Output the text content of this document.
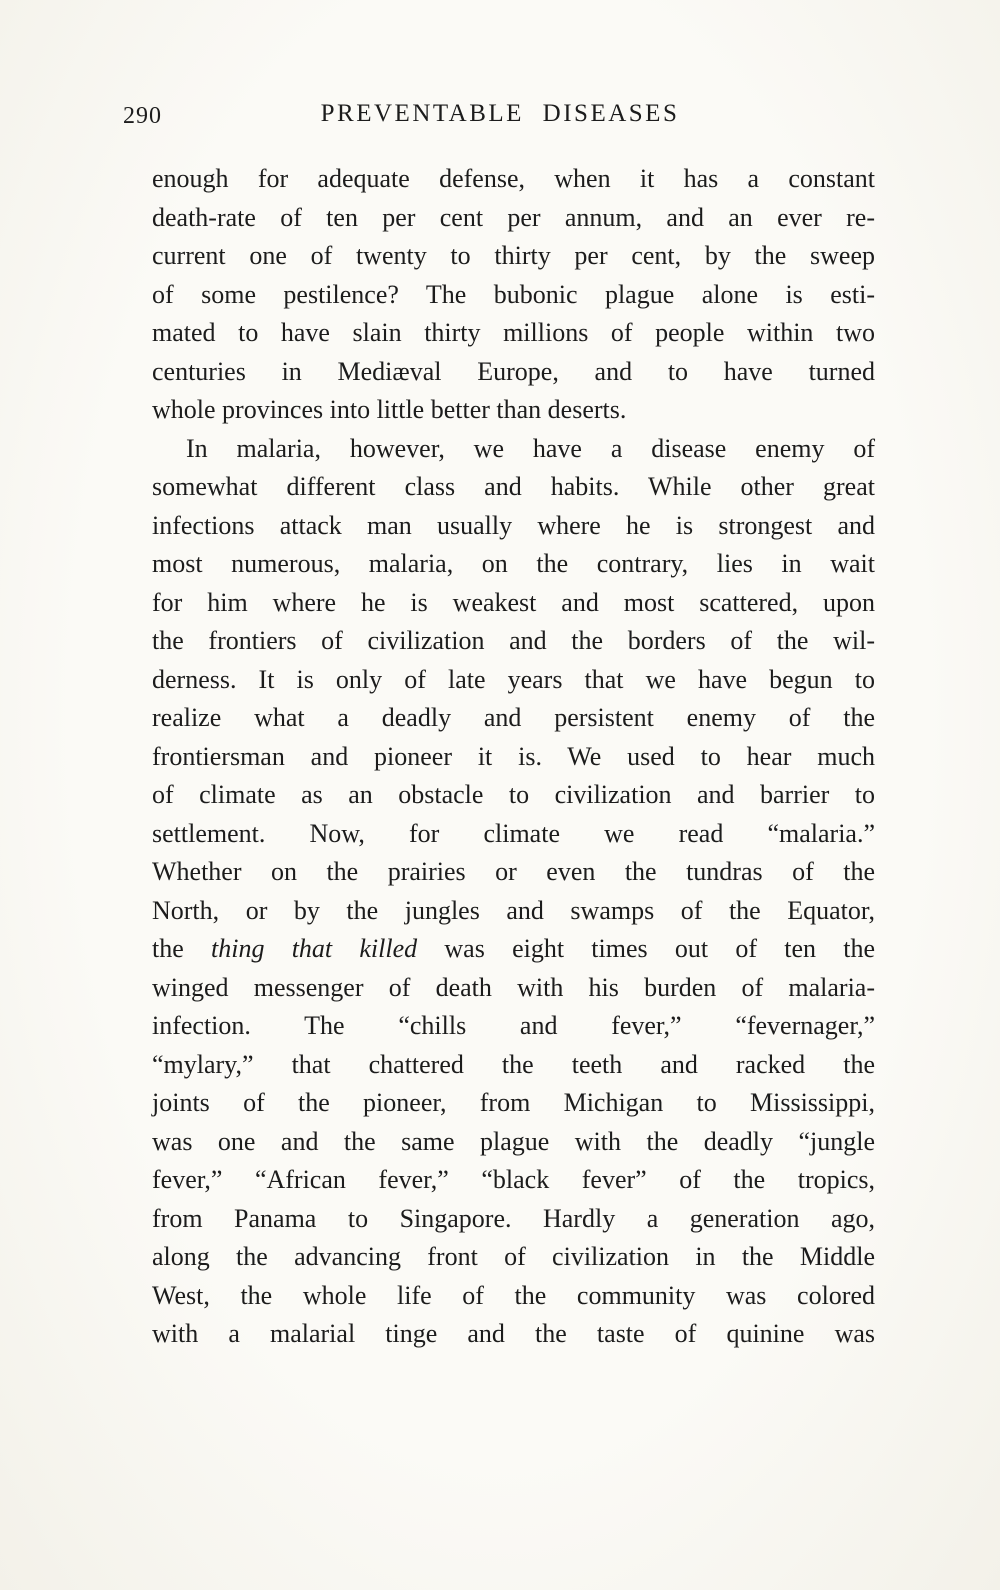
290	PREVENTABLE DISEASES
enough for adequate defense, when it has a constant
death-rate of ten per cent per annum, and an ever re-
current one of twenty to thirty per cent, by the sweep
of some pestilence? The bubonic plague alone is esti-
mated to have slain thirty millions of people within two
centuries in Mediæval Europe, and to have turned
whole provinces into little better than deserts.
In malaria, however, we have a disease enemy of
somewhat different class and habits. While other great
infections attack man usually where he is strongest and
most numerous, malaria, on the contrary, lies in wait
for him where he is weakest and most scattered, upon
the frontiers of civilization and the borders of the wil-
derness. It is only of late years that we have begun to
realize what a deadly and persistent enemy of the
frontiersman and pioneer it is. We used to hear much
of climate as an obstacle to civilization and barrier to
settlement. Now, for climate we read “malaria.”
Whether on the prairies or even the tundras of the
North, or by the jungles and swamps of the Equator,
the thing that killed was eight times out of ten the
winged messenger of death with his burden of malaria-
infection. The “chills and fever,” “fevernager,”
“mylary,” that chattered the teeth and racked the
joints of the pioneer, from Michigan to Mississippi,
was one and the same plague with the deadly “jungle
fever,” “African fever,” “black fever” of the tropics,
from Panama to Singapore. Hardly a generation ago,
along the advancing front of civilization in the Middle
West, the whole life of the community was colored
with a malarial tinge and the taste of quinine was
